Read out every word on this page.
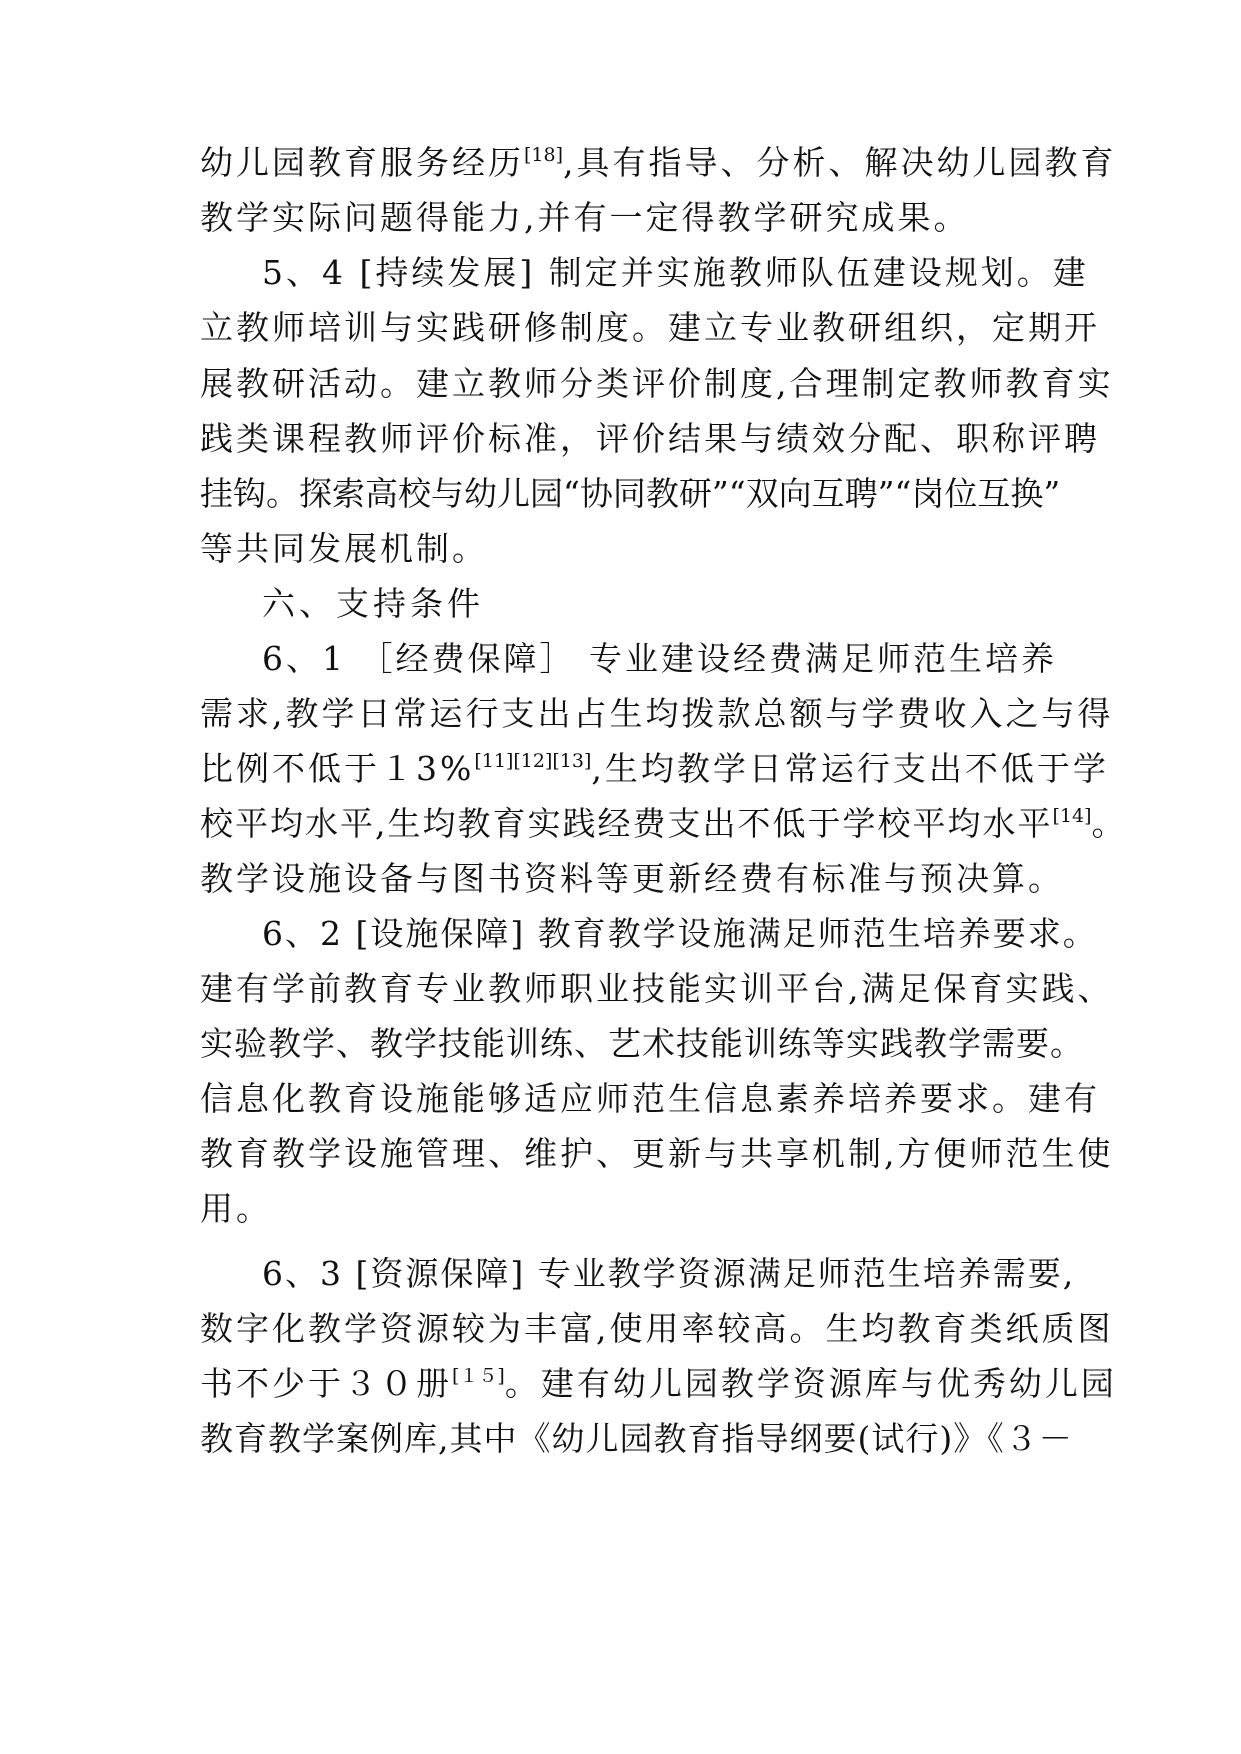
幼儿园教育服务经历[18],具有指导、分析、解决幼儿园教育
教学实际问题得能力,并有一定得教学研究成果。
5、4 [持续发展] 制定并实施教师队伍建设规划。建
立教师培训与实践研修制度。建立专业教研组织，定期开
展教研活动。建立教师分类评价制度,合理制定教师教育实
践类课程教师评价标准，评价结果与绩效分配、职称评聘
挂钩。探索高校与幼儿园“协同教研”“双向互聘”“岗位互换”
等共同发展机制。
六、支持条件
6、1 ［经费保障］ 专业建设经费满足师范生培养
需求,教学日常运行支出占生均拨款总额与学费收入之与得
比例不低于１3%[11][12][13],生均教学日常运行支出不低于学
校平均水平,生均教育实践经费支出不低于学校平均水平[14]。
教学设施设备与图书资料等更新经费有标准与预决算。
6、2 [设施保障] 教育教学设施满足师范生培养要求。
建有学前教育专业教师职业技能实训平台,满足保育实践、
实验教学、教学技能训练、艺术技能训练等实践教学需要。
信息化教育设施能够适应师范生信息素养培养要求。建有
教育教学设施管理、维护、更新与共享机制,方便师范生使
用。
6、3 [资源保障] 专业教学资源满足师范生培养需要,
数字化教学资源较为丰富,使用率较高。生均教育类纸质图
书不少于３０册[１５]。建有幼儿园教学资源库与优秀幼儿园
教育教学案例库,其中《幼儿园教育指导纲要(试行)》《３－
